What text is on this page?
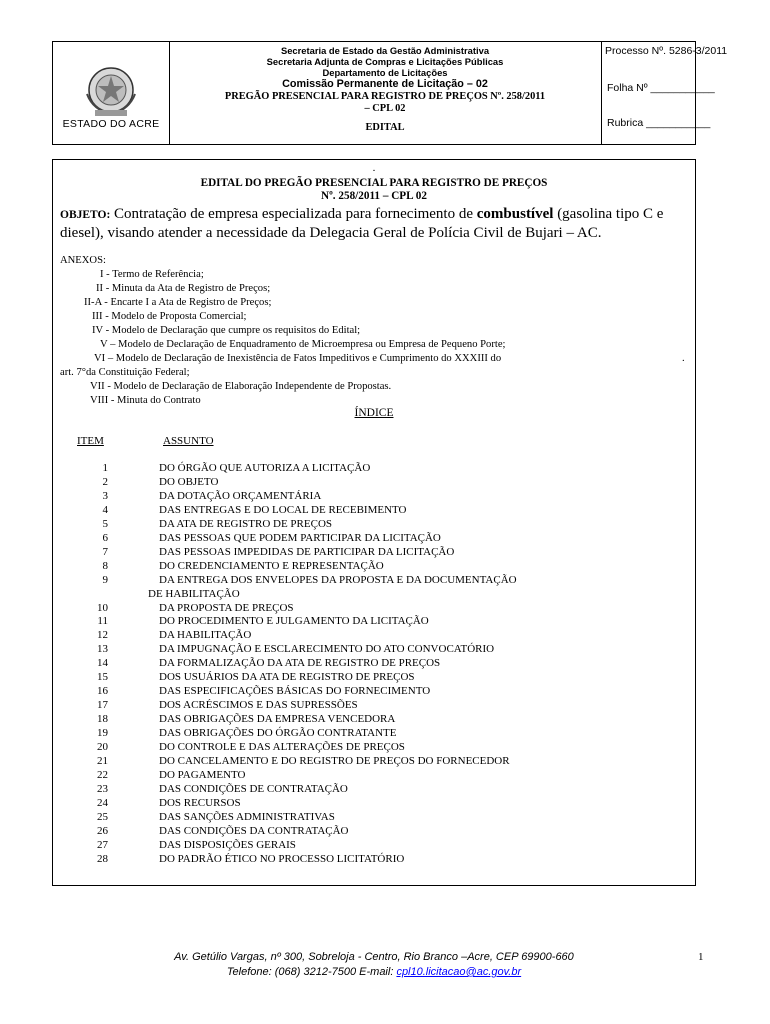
ESTADO DO ACRE
Secretaria de Estado da Gestão Administrativa
Secretaria Adjunta de Compras e Licitações Públicas
Departamento de Licitações
Comissão Permanente de Licitação – 02
PREGÃO PRESENCIAL PARA REGISTRO DE PREÇOS Nº. 258/2011
– CPL 02
EDITAL
Processo Nº. 5286-3/2011
Folha Nº ___________
Rubrica ___________
.
EDITAL DO PREGÃO PRESENCIAL PARA REGISTRO DE PREÇOS
Nº. 258/2011 – CPL 02
OBJETO: Contratação de empresa especializada para fornecimento de combustível (gasolina tipo C e diesel), visando atender a necessidade da Delegacia Geral de Polícia Civil de Bujari – AC.
ANEXOS:
I - Termo de Referência;
II - Minuta da Ata de Registro de Preços;
II-A - Encarte I a Ata de Registro de Preços;
III - Modelo de Proposta Comercial;
IV - Modelo de Declaração que cumpre os requisitos do Edital;
V – Modelo de Declaração de Enquadramento de Microempresa ou Empresa de Pequeno Porte;
VI – Modelo de Declaração de Inexistência de Fatos Impeditivos e Cumprimento do XXXIII do	.
art. 7°da Constituição Federal;
VII - Modelo de Declaração de Elaboração Independente de Propostas.
VIII - Minuta do Contrato
ÍNDICE
ITEM	ASSUNTO
1	DO ÓRGÃO QUE AUTORIZA A LICITAÇÃO
2	DO OBJETO
3	DA DOTAÇÃO ORÇAMENTÁRIA
4	DAS ENTREGAS E DO LOCAL DE RECEBIMENTO
5	DA ATA DE REGISTRO DE PREÇOS
6	DAS PESSOAS QUE PODEM PARTICIPAR DA LICITAÇÃO
7	DAS PESSOAS IMPEDIDAS DE PARTICIPAR DA LICITAÇÃO
8	DO CREDENCIAMENTO E REPRESENTAÇÃO
9	DA ENTREGA DOS ENVELOPES DA PROPOSTA E DA DOCUMENTAÇÃO
DE HABILITAÇÃO
10	DA PROPOSTA DE PREÇOS
11	DO PROCEDIMENTO E JULGAMENTO DA LICITAÇÃO
12	DA HABILITAÇÃO
13	DA IMPUGNAÇÃO E ESCLARECIMENTO DO ATO CONVOCATÓRIO
14	DA FORMALIZAÇÃO DA ATA DE REGISTRO DE PREÇOS
15	DOS USUÁRIOS DA ATA DE REGISTRO DE PREÇOS
16	DAS ESPECIFICAÇÕES BÁSICAS DO FORNECIMENTO
17	DOS ACRÉSCIMOS E DAS SUPRESSÕES
18	DAS OBRIGAÇÕES DA EMPRESA VENCEDORA
19	DAS OBRIGAÇÕES DO ÓRGÃO CONTRATANTE
20	DO CONTROLE E DAS ALTERAÇÕES DE PREÇOS
21	DO CANCELAMENTO E DO REGISTRO DE PREÇOS DO FORNECEDOR
22	DO PAGAMENTO
23	DAS CONDIÇÕES DE CONTRATAÇÃO
24	DOS RECURSOS
25	DAS SANÇÕES ADMINISTRATIVAS
26	DAS CONDIÇÕES DA CONTRATAÇÃO
27	DAS DISPOSIÇÕES GERAIS
28	DO PADRÃO ÉTICO NO PROCESSO LICITATÓRIO
Av. Getúlio Vargas, nº 300, Sobreloja - Centro, Rio Branco –Acre, CEP 69900-660
Telefone: (068) 3212-7500 E-mail: cpl10.licitacao@ac.gov.br
1
